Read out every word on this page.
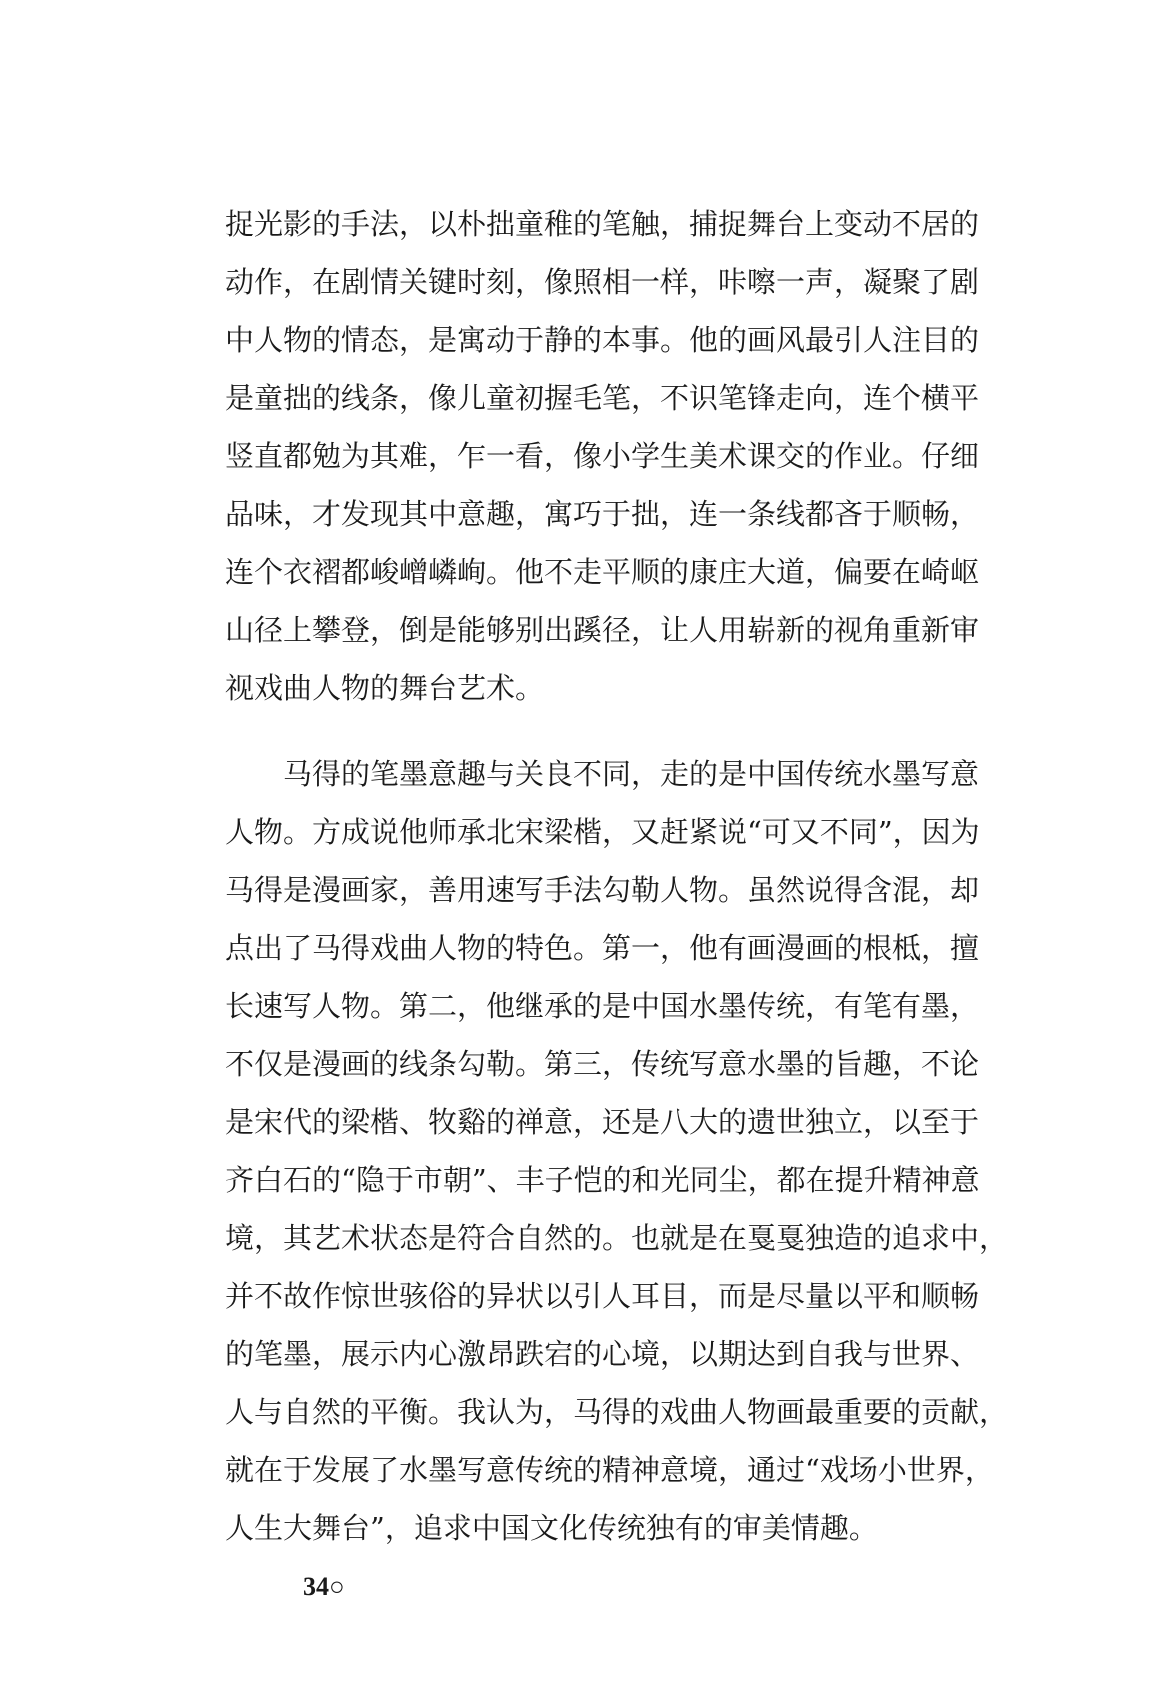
捉光影的手法，以朴拙童稚的笔触，捕捉舞台上变动不居的
动作，在剧情关键时刻，像照相一样，咔嚓一声，凝聚了剧
中人物的情态，是寓动于静的本事。他的画风最引人注目的
是童拙的线条，像儿童初握毛笔，不识笔锋走向，连个横平
竖直都勉为其难，乍一看，像小学生美术课交的作业。仔细
品味，才发现其中意趣，寓巧于拙，连一条线都吝于顺畅，
连个衣褶都峻嶒嶙峋。他不走平顺的康庄大道，偏要在崎岖
山径上攀登，倒是能够别出蹊径，让人用崭新的视角重新审
视戏曲人物的舞台艺术。
马得的笔墨意趣与关良不同，走的是中国传统水墨写意
人物。方成说他师承北宋梁楷，又赶紧说“可又不同”，因为
马得是漫画家，善用速写手法勾勒人物。虽然说得含混，却
点出了马得戏曲人物的特色。第一，他有画漫画的根柢，擅
长速写人物。第二，他继承的是中国水墨传统，有笔有墨，
不仅是漫画的线条勾勒。第三，传统写意水墨的旨趣，不论
是宋代的梁楷、牧谿的禅意，还是八大的遗世独立，以至于
齐白石的“隐于市朝”、丰子恺的和光同尘，都在提升精神意
境，其艺术状态是符合自然的。也就是在戛戛独造的追求中，
并不故作惊世骇俗的异状以引人耳目，而是尽量以平和顺畅
的笔墨，展示内心激昂跌宕的心境，以期达到自我与世界、
人与自然的平衡。我认为，马得的戏曲人物画最重要的贡献，
就在于发展了水墨写意传统的精神意境，通过“戏场小世界，
人生大舞台”，追求中国文化传统独有的审美情趣。
34○
